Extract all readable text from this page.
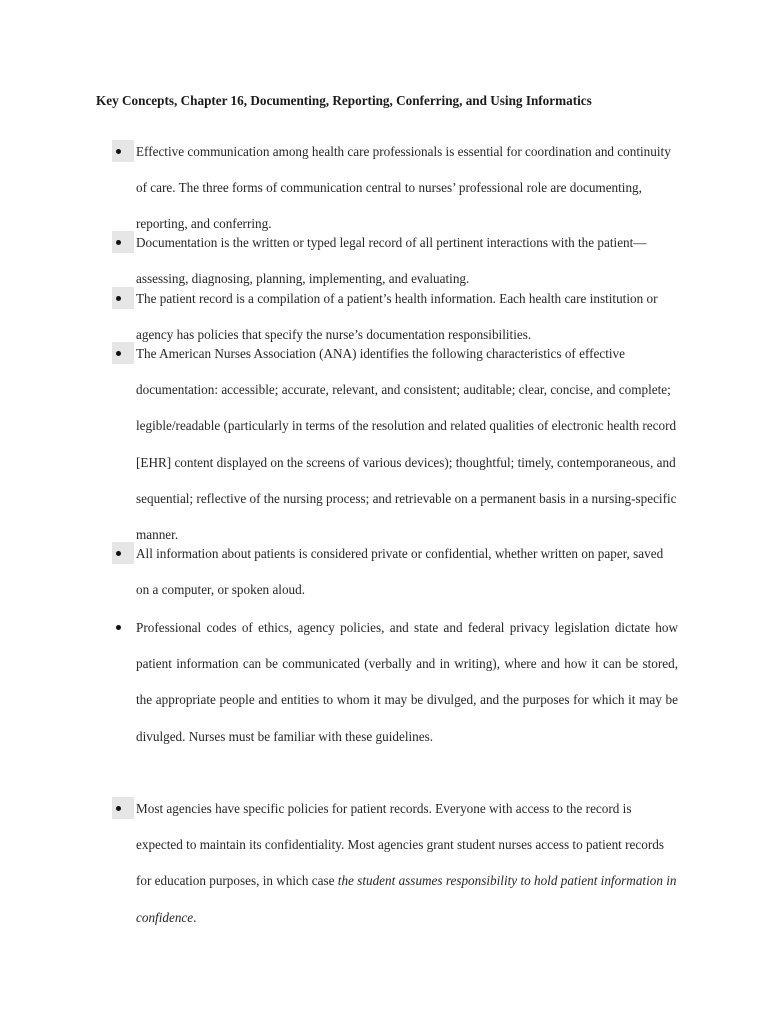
Key Concepts, Chapter 16, Documenting, Reporting, Conferring, and Using Informatics
Effective communication among health care professionals is essential for coordination and continuity of care. The three forms of communication central to nurses’ professional role are documenting, reporting, and conferring.
Documentation is the written or typed legal record of all pertinent interactions with the patient—assessing, diagnosing, planning, implementing, and evaluating.
The patient record is a compilation of a patient’s health information. Each health care institution or agency has policies that specify the nurse’s documentation responsibilities.
The American Nurses Association (ANA) identifies the following characteristics of effective documentation: accessible; accurate, relevant, and consistent; auditable; clear, concise, and complete; legible/readable (particularly in terms of the resolution and related qualities of electronic health record [EHR] content displayed on the screens of various devices); thoughtful; timely, contemporaneous, and sequential; reflective of the nursing process; and retrievable on a permanent basis in a nursing-specific manner.
All information about patients is considered private or confidential, whether written on paper, saved on a computer, or spoken aloud.
Professional codes of ethics, agency policies, and state and federal privacy legislation dictate how patient information can be communicated (verbally and in writing), where and how it can be stored, the appropriate people and entities to whom it may be divulged, and the purposes for which it may be divulged. Nurses must be familiar with these guidelines.
Most agencies have specific policies for patient records. Everyone with access to the record is expected to maintain its confidentiality. Most agencies grant student nurses access to patient records for education purposes, in which case the student assumes responsibility to hold patient information in confidence.
